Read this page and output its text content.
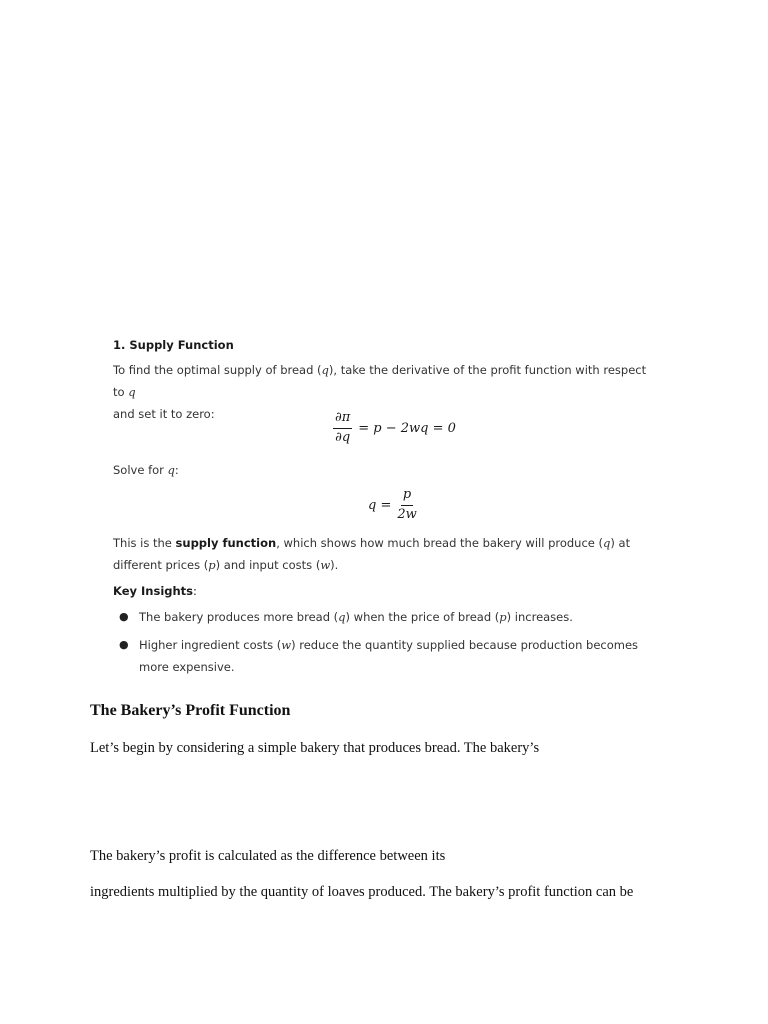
1. Supply Function
To find the optimal supply of bread (q), take the derivative of the profit function with respect to q
and set it to zero:	$\frac{\partial\pi}{\partial q} = p - 2wq = 0$
Solve for q:
$q = \frac{p}{2w}$
This is the supply function, which shows how much bread the bakery will produce (q) at different prices (p) and input costs (w).
Key Insights:
● The bakery produces more bread (q) when the price of bread (p) increases.
● Higher ingredient costs (w) reduce the quantity supplied because production becomes more expensive.
The Bakery’s Profit Function
Let’s begin by considering a simple bakery that produces bread. The bakery’s
The bakery’s profit is calculated as the difference between its
ingredients multiplied by the quantity of loaves produced. The bakery’s profit function can be
